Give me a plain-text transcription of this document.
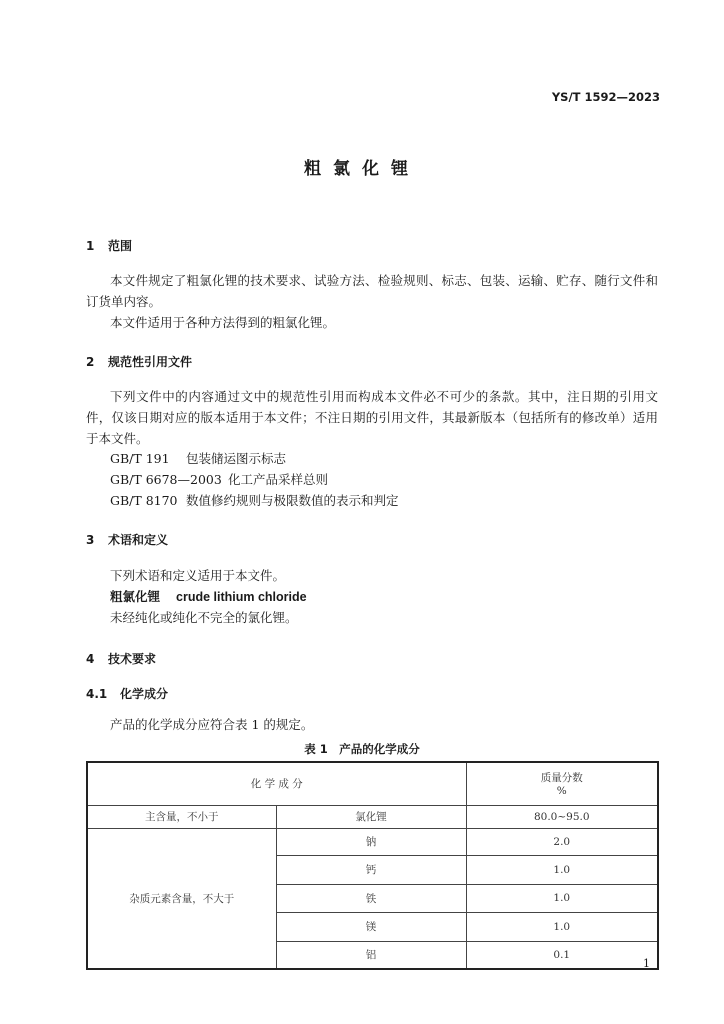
YS/T 1592—2023
粗氯化锂
1 范围
本文件规定了粗氯化锂的技术要求、试验方法、检验规则、标志、包装、运输、贮存、随行文件和订货单内容。
本文件适用于各种方法得到的粗氯化锂。
2 规范性引用文件
下列文件中的内容通过文中的规范性引用而构成本文件必不可少的条款。其中，注日期的引用文件，仅该日期对应的版本适用于本文件；不注日期的引用文件，其最新版本（包括所有的修改单）适用于本文件。
GB/T 191 包装储运图示标志
GB/T 6678—2003 化工产品采样总则
GB/T 8170 数值修约规则与极限数值的表示和判定
3 术语和定义
下列术语和定义适用于本文件。
粗氯化锂 crude lithium chloride
未经纯化或纯化不完全的氯化锂。
4 技术要求
4.1 化学成分
产品的化学成分应符合表 1 的规定。
表 1　产品的化学成分
化 学 成 分		质量分数
%

主含量，不小于	氯化锂	80.0~95.0
杂质元素含量，不大于	钠	2.0
	钙	1.0
	铁	1.0
	镁	1.0
	铝	0.1
1
